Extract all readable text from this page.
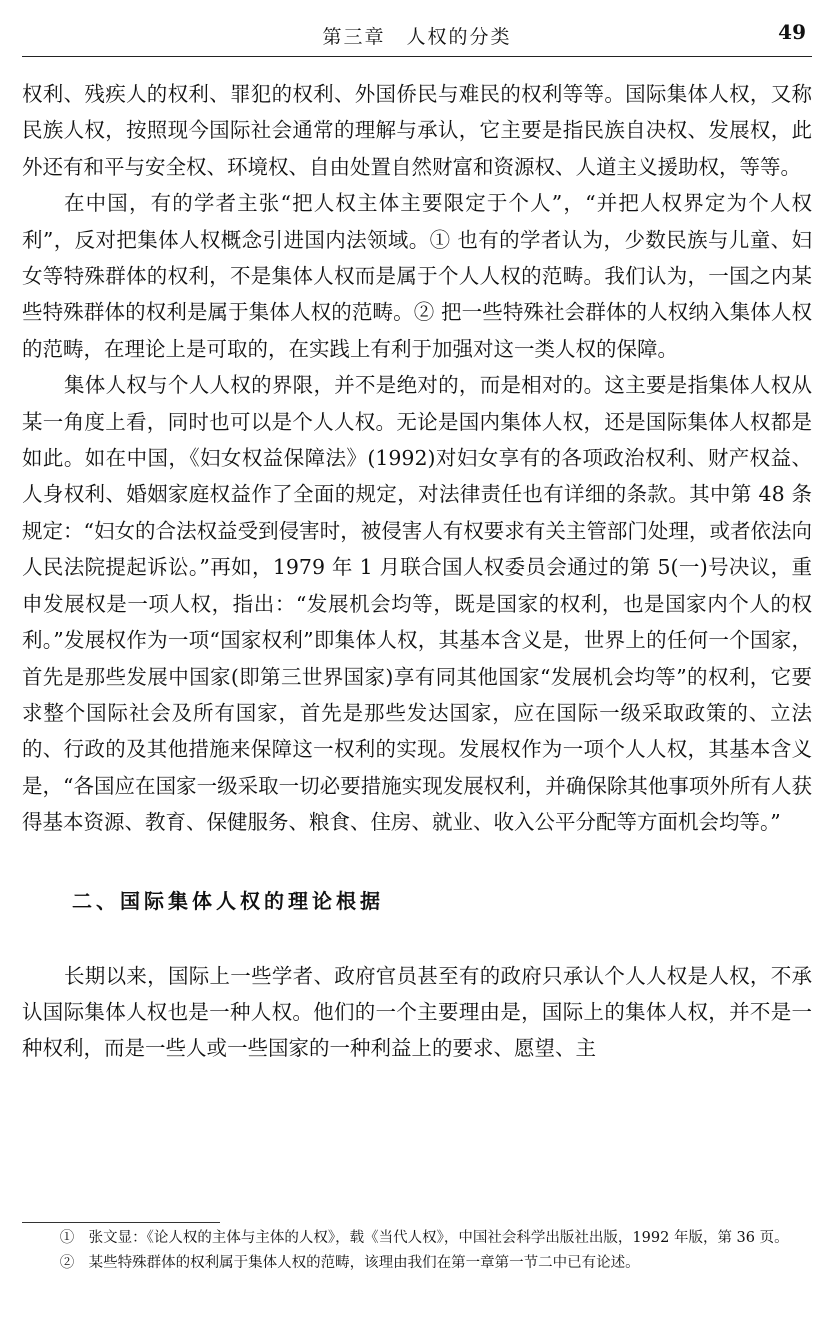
第三章　人权的分类	49

权利、残疾人的权利、罪犯的权利、外国侨民与难民的权利等等。国际集体人权，又称民族人权，按照现今国际社会通常的理解与承认，它主要是指民族自决权、发展权，此外还有和平与安全权、环境权、自由处置自然财富和资源权、人道主义援助权，等等。

在中国，有的学者主张“把人权主体主要限定于个人”，“并把人权界定为个人权利”，反对把集体人权概念引进国内法领域。① 也有的学者认为，少数民族与儿童、妇女等特殊群体的权利，不是集体人权而是属于个人人权的范畴。我们认为，一国之内某些特殊群体的权利是属于集体人权的范畴。② 把一些特殊社会群体的人权纳入集体人权的范畴，在理论上是可取的，在实践上有利于加强对这一类人权的保障。

集体人权与个人人权的界限，并不是绝对的，而是相对的。这主要是指集体人权从某一角度上看，同时也可以是个人人权。无论是国内集体人权，还是国际集体人权都是如此。如在中国，《妇女权益保障法》(1992)对妇女享有的各项政治权利、财产权益、人身权利、婚姻家庭权益作了全面的规定，对法律责任也有详细的条款。其中第 48 条规定：“妇女的合法权益受到侵害时，被侵害人有权要求有关主管部门处理，或者依法向人民法院提起诉讼。”再如，1979 年 1 月联合国人权委员会通过的第 5(一)号决议，重申发展权是一项人权，指出：“发展机会均等，既是国家的权利，也是国家内个人的权利。”发展权作为一项“国家权利”即集体人权，其基本含义是，世界上的任何一个国家，首先是那些发展中国家(即第三世界国家)享有同其他国家“发展机会均等”的权利，它要求整个国际社会及所有国家，首先是那些发达国家，应在国际一级采取政策的、立法的、行政的及其他措施来保障这一权利的实现。发展权作为一项个人人权，其基本含义是，“各国应在国家一级采取一切必要措施实现发展权利，并确保除其他事项外所有人获得基本资源、教育、保健服务、粮食、住房、就业、收入公平分配等方面机会均等。”

二、国际集体人权的理论根据

长期以来，国际上一些学者、政府官员甚至有的政府只承认个人人权是人权，不承认国际集体人权也是一种人权。他们的一个主要理由是，国际上的集体人权，并不是一种权利，而是一些人或一些国家的一种利益上的要求、愿望、主

①　张文显：《论人权的主体与主体的人权》，载《当代人权》，中国社会科学出版社出版，1992 年版，第 36 页。

②　某些特殊群体的权利属于集体人权的范畴，该理由我们在第一章第一节二中已有论述。
